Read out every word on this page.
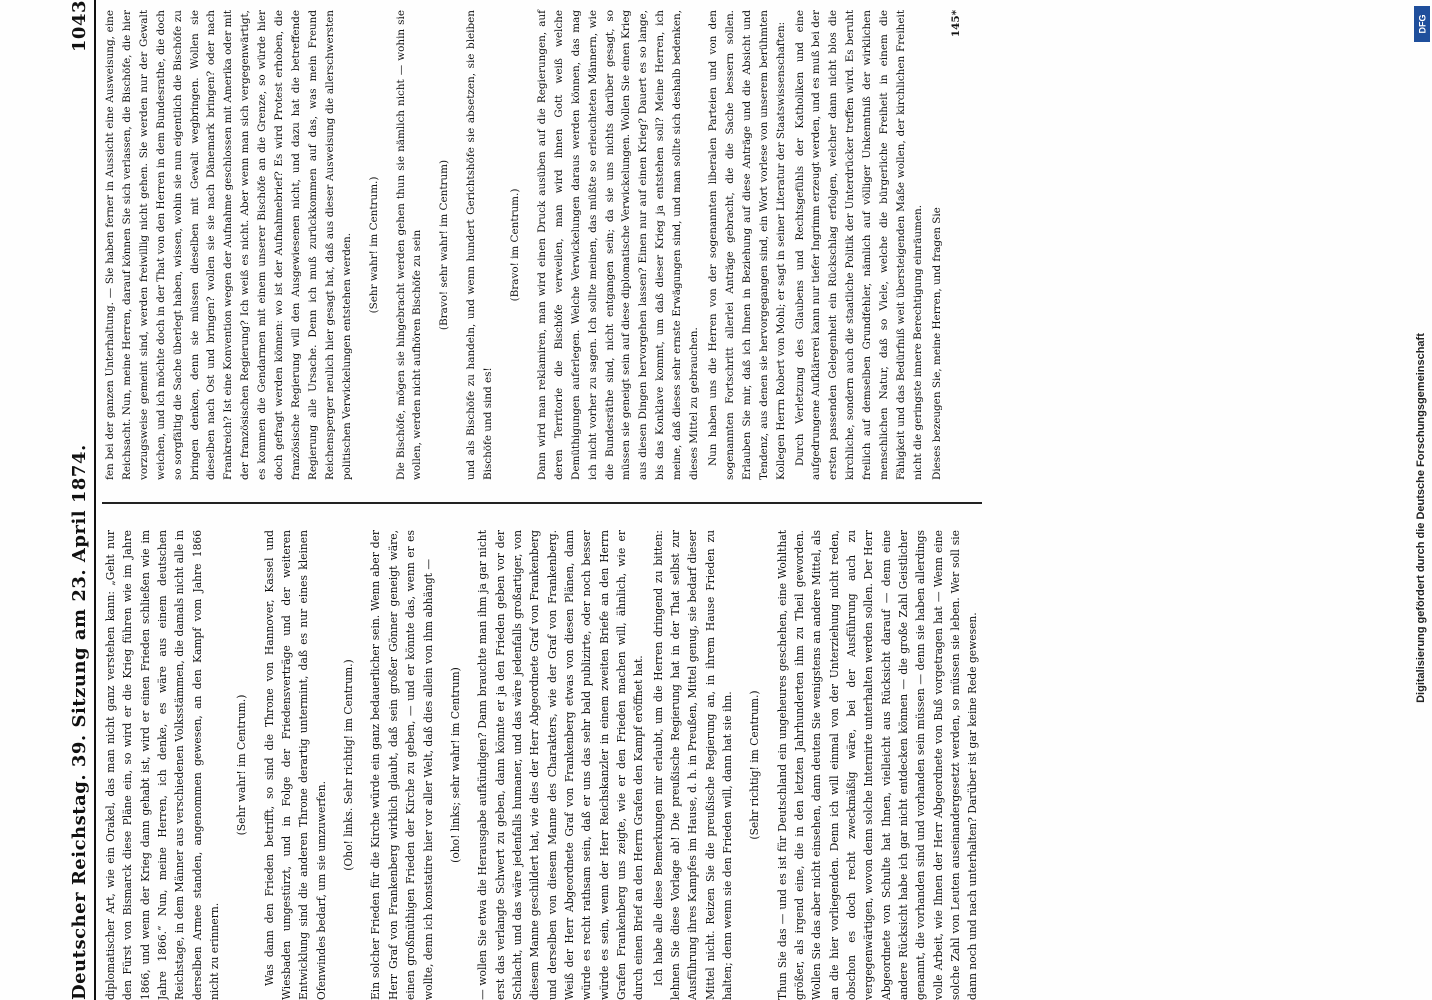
Deutscher Reichstag. 39. Sitzung am 23. April 1874.
1043

diplomatischer Art, wie ein Orakel, das man nicht ganz verstehen kann: „Geht nur den Fürst von Bismarck diese Pläne ein, so wird er die Krieg führen wie im Jahre 1866, und wenn der Krieg dann gehabt ist, wird er einen Frieden schließen wie im Jahre 1866.“ Nun, meine Herren, ich denke, es wäre aus einem deutschen Reichstage, in dem Männer aus verschiedenen Volksstämmen, die damals nicht alle in derselben Armee standen, angenommen gewesen, an den Kampf vom Jahre 1866 nicht zu erinnern.

(Sehr wahr! im Centrum.) Was dann den Frieden betrifft, so sind die Throne von Hannover, Kassel und Wiesbaden umgestürzt, und in Folge der Friedensverträge und der weiteren Entwicklung sind die anderen Throne derartig untermint, daß es nur eines kleinen Ofenwindes bedarf, um sie umzuwerfen.

(Oho! links. Sehr richtig! im Centrum.) Ein solcher Frieden für die Kirche würde ein ganz bedauerlicher sein. Wenn aber der Herr Graf von Frankenberg wirklich glaubt, daß sein großer Gönner geneigt wäre, einen großmüthigen Frieden der Kirche zu geben, — und er könnte das, wenn er es wollte, denn ich konstatire hier vor aller Welt, daß dies allein von ihm abhängt — (oho! links; sehr wahr! im Centrum) — wollen Sie etwa die Herausgabe aufkündigen? Dann brauchte man ihm ja gar nicht erst das verlangte Schwert zu geben, dann könnte er ja den Frieden geben vor der Schlacht, und das wäre jedenfalls humaner, und das wäre jedenfalls großartiger, von diesem Manne geschildert hat, wie dies der Herr Abgeordnete Graf von Frankenberg und derselben von diesem Manne des Charakters, wie der Graf von Frankenberg. Weiß der Herr Abgeordnete Graf von Frankenberg etwas von diesen Plänen, dann würde es recht rathsam sein, daß er uns das sehr bald publizirte, oder noch besser würde es sein, wenn der Herr Reichskanzler in einem zweiten Briefe an den Herrn Grafen Frankenberg uns zeigte, wie er den Frieden machen will, ähnlich, wie er durch einen Brief an den Herrn Grafen den Kampf eröffnet hat. Ich habe alle diese Bemerkungen mir erlaubt, um die Herren dringend zu bitten: lehnen Sie diese Vorlage ab! Die preußische Regierung hat in der That selbst zur Ausführung ihres Kampfes im Hause, d. h. in Preußen, Mittel genug, sie bedarf dieser Mittel nicht. Reizen Sie die preußische Regierung an, in ihrem Hause Frieden zu halten; denn wenn sie den Frieden will, dann hat sie ihn. (Sehr richtig! im Centrum.) Thun Sie das — und es ist für Deutschland ein ungeheures geschehen, eine Wohlthat größer, als irgend eine, die in den letzten Jahrhunderten ihm zu Theil geworden. Wollen Sie das aber nicht einsehen, dann deuten Sie wenigstens an andere Mittel, als an die hier vorliegenden. Denn ich will einmal von der Unterziehung nicht reden, obschon es doch recht zweckmäßig wäre, bei der Ausführung auch zu vergegenwärtigen, wovon denn solche Internirte unterhalten werden sollen. Der Herr Abgeordnete von Schulte hat Ihnen, vielleicht aus Rücksicht darauf — denn eine andere Rücksicht habe ich gar nicht entdecken können — die große Zahl Geistlicher genannt, die vorhanden sind und vorhanden sein müssen — denn sie haben allerdings volle Arbeit, wie Ihnen der Herr Abgeordnete von Buß vorgetragen hat — Wenn eine solche Zahl von Leuten auseinandergesetzt werden, so müssen sie leben. Wer soll sie dann noch und nach unterhalten? Darüber ist gar keine Rede gewesen.

fen bei der ganzen Unterhaltung. — Sie haben ferner in Aussicht eine Ausweisung, eine Reichsacht. Nun, meine Herren, darauf können Sie sich verlassen, die Bischöfe, die hier vorzugsweise gemeint sind, werden freiwillig nicht gehen. Sie werden nur der Gewalt weichen, und ich möchte doch in der That von den Herren in dem Bundesrathe, die doch so sorgfältig die Sache überlegt haben, wissen, wohin sie nun eigentlich die Bischöfe zu bringen denken, denn sie müssen dieselben mit Gewalt wegbringen. Wollen sie dieselben nach Ost und bringen? wollen sie sie nach Dänemark bringen? oder nach Frankreich? Ist eine Konvention wegen der Aufnahme geschlossen mit Amerika oder mit der französischen Regierung? Ich weiß es nicht. Aber wenn man sich vergegenwärtigt, es kommen die Gendarmen mit einem unserer Bischöfe an die Grenze, so würde hier doch gefragt werden können: wo ist der Aufnahmebrief? Es wird Protest erhoben, die französische Regierung will den Ausgewiesenen nicht, und dazu hat die betreffende Regierung alle Ursache. Denn ich muß zurückkommen auf das, was mein Freund Reichensperger neulich hier gesagt hat, daß aus dieser Ausweisung die allerschwersten politischen Verwickelungen entstehen werden. (Sehr wahr! im Centrum.) Die Bischöfe, mögen sie hingebracht werden gehen thun sie nämlich nicht — wohin sie wollen, werden nicht aufhören Bischöfe zu sein (Bravo! sehr wahr! im Centrum) und als Bischöfe zu handeln, und wenn hundert Gerichtshöfe sie absetzen, sie bleiben Bischöfe und sind es!

(Bravo! im Centrum.) Dann wird man reklamiren, man wird einen Druck ausüben auf die Regierungen, auf deren Territorie die Bischöfe verweilen, man wird ihnen Gott weiß welche Demüthigungen auferlegen. Welche Verwickelungen daraus werden können, das mag ich nicht vorher zu sagen. Ich sollte meinen, das müßte so erleuchteten Männern, wie die Bundesräthe sind, nicht entgangen sein; da sie uns nichts darüber gesagt, so müssen sie geneigt sein auf diese diplomatische Verwickelungen. Wollen Sie einen Krieg aus diesen Dingen hervorgehen lassen? Einen nur auf einen Krieg? Dauert es so lange, bis das Konklave kommt, um daß dieser Krieg ja entstehen soll? Meine Herren, ich meine, daß dieses sehr ernste Erwägungen sind, und man sollte sich deshalb bedenken, dieses Mittel zu gebrauchen. Nun haben uns die Herren von der sogenannten liberalen Parteien und von den sogenannten Fortschritt allerlei Anträge gebracht, die die Sache bessern sollen. Erlauben Sie mir, daß ich Ihnen in Beziehung auf diese Anträge und die Absicht und Tendenz, aus denen sie hervorgegangen sind, ein Wort vorlese von unserem berühmten Kollegen Herrn Robert von Mohl; er sagt in seiner Literatur der Staatswissenschaften: Durch Verletzung des Glaubens und Rechtsgefühls der Katholiken und eine aufgedrungene Aufklärerei kann nur tiefer Ingrimm erzeugt werden, und es muß bei der ersten passenden Gelegenheit ein Rückschlag erfolgen, welcher dann nicht blos die kirchliche, sondern auch die staatliche Politik der Unterdrücker treffen wird. Es beruht freilich auf demselben Grundfehler, nämlich auf völliger Unkenntniß der wirklichen menschlichen Natur, daß so Viele, welche die bürgerliche Freiheit in einem die Fähigkeit und das Bedürfniß weit übersteigenden Maße wollen, der kirchlichen Freiheit nicht die geringste innere Berechtigung einräumen. Dieses bezeugen Sie, meine Herren, und fragen Sie

145*	DFG
Digitalisierung gefördert durch die Deutsche Forschungsgemeinschaft
